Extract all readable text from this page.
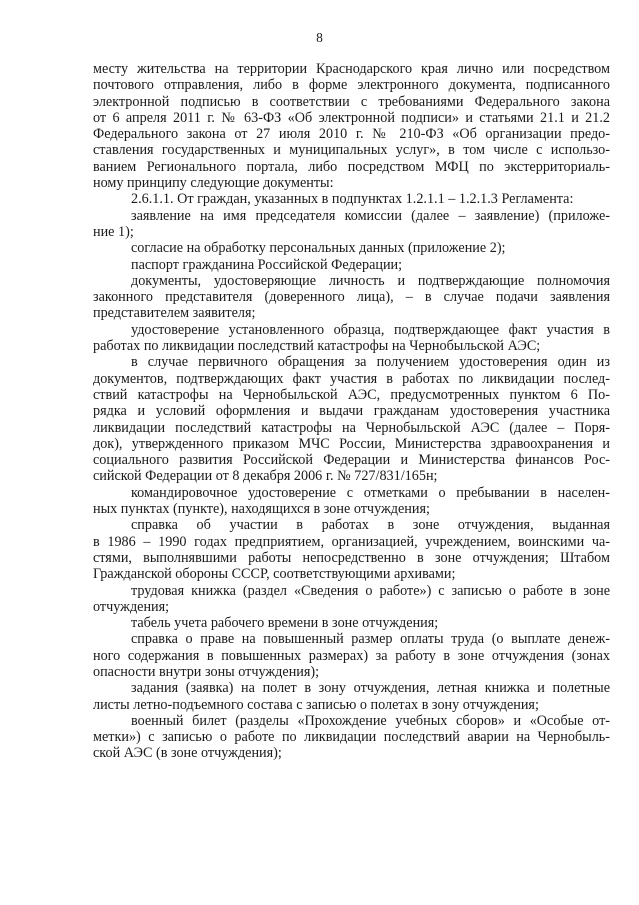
8
месту жительства на территории Краснодарского края лично или посредством
почтового отправления, либо в форме электронного документа, подписанного
электронной подписью в соответствии с требованиями Федерального закона
от 6 апреля 2011 г. № 63-ФЗ «Об электронной подписи» и статьями 21.1 и 21.2
Федерального закона от 27 июля 2010 г. № 210-ФЗ «Об организации предо-
ставления государственных и муниципальных услуг», в том числе с использо-
ванием Регионального портала, либо посредством МФЦ по экстерриториаль-
ному принципу следующие документы:
2.6.1.1. От граждан, указанных в подпунктах 1.2.1.1 – 1.2.1.3 Регламента:
заявление на имя председателя комиссии (далее – заявление) (приложе-
ние 1);
согласие на обработку персональных данных (приложение 2);
паспорт гражданина Российской Федерации;
документы, удостоверяющие личность и подтверждающие полномочия
законного представителя (доверенного лица), – в случае подачи заявления
представителем заявителя;
удостоверение установленного образца, подтверждающее факт участия в
работах по ликвидации последствий катастрофы на Чернобыльской АЭС;
в случае первичного обращения за получением удостоверения один из
документов, подтверждающих факт участия в работах по ликвидации послед-
ствий катастрофы на Чернобыльской АЭС, предусмотренных пунктом 6 По-
рядка и условий оформления и выдачи гражданам удостоверения участника
ликвидации последствий катастрофы на Чернобыльской АЭС (далее – Поря-
док), утвержденного приказом МЧС России, Министерства здравоохранения и
социального развития Российской Федерации и Министерства финансов Рос-
сийской Федерации от 8 декабря 2006 г. № 727/831/165н;
командировочное удостоверение с отметками о пребывании в населен-
ных пунктах (пункте), находящихся в зоне отчуждения;
справка об участии в работах в зоне отчуждения, выданная
в 1986 – 1990 годах предприятием, организацией, учреждением, воинскими ча-
стями, выполнявшими работы непосредственно в зоне отчуждения; Штабом
Гражданской обороны СССР, соответствующими архивами;
трудовая книжка (раздел «Сведения о работе») с записью о работе в зоне
отчуждения;
табель учета рабочего времени в зоне отчуждения;
справка о праве на повышенный размер оплаты труда (о выплате денеж-
ного содержания в повышенных размерах) за работу в зоне отчуждения (зонах
опасности внутри зоны отчуждения);
задания (заявка) на полет в зону отчуждения, летная книжка и полетные
листы летно-подъемного состава с записью о полетах в зону отчуждения;
военный билет (разделы «Прохождение учебных сборов» и «Особые от-
метки») с записью о работе по ликвидации последствий аварии на Чернобыль-
ской АЭС (в зоне отчуждения);
